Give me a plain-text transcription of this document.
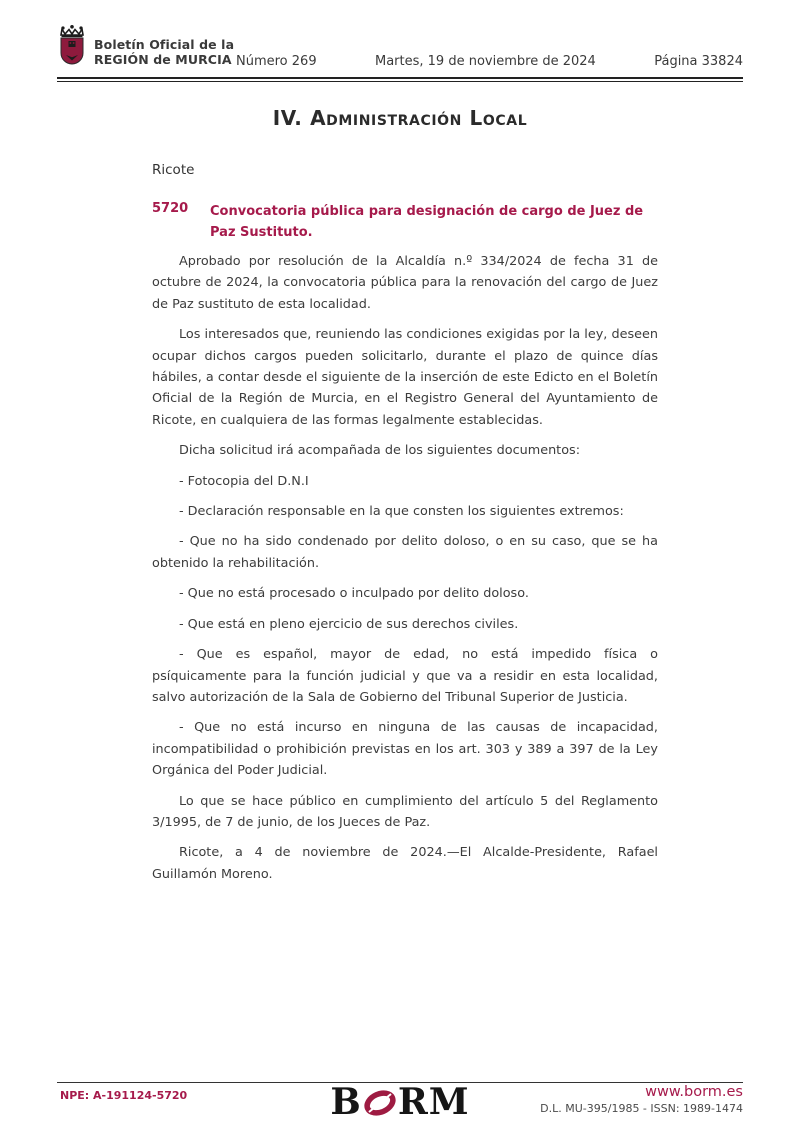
Boletín Oficial de la
REGIÓN de MURCIA Número 269	Martes, 19 de noviembre de 2024	Página 33824
IV. Administración Local
Ricote
5720 Convocatoria pública para designación de cargo de Juez de Paz Sustituto.

Aprobado por resolución de la Alcaldía n.º 334/2024 de fecha 31 de octubre de 2024, la convocatoria pública para la renovación del cargo de Juez de Paz sustituto de esta localidad.

Los interesados que, reuniendo las condiciones exigidas por la ley, deseen ocupar dichos cargos pueden solicitarlo, durante el plazo de quince días hábiles, a contar desde el siguiente de la inserción de este Edicto en el Boletín Oficial de la Región de Murcia, en el Registro General del Ayuntamiento de Ricote, en cualquiera de las formas legalmente establecidas.

Dicha solicitud irá acompañada de los siguientes documentos:

- Fotocopia del D.N.I

- Declaración responsable en la que consten los siguientes extremos:

- Que no ha sido condenado por delito doloso, o en su caso, que se ha obtenido la rehabilitación.

- Que no está procesado o inculpado por delito doloso.

- Que está en pleno ejercicio de sus derechos civiles.

- Que es español, mayor de edad, no está impedido física o psíquicamente para la función judicial y que va a residir en esta localidad, salvo autorización de la Sala de Gobierno del Tribunal Superior de Justicia.

- Que no está incurso en ninguna de las causas de incapacidad, incompatibilidad o prohibición previstas en los art. 303 y 389 a 397 de la Ley Orgánica del Poder Judicial.

Lo que se hace público en cumplimiento del artículo 5 del Reglamento 3/1995, de 7 de junio, de los Jueces de Paz.

Ricote, a 4 de noviembre de 2024.—El Alcalde-Presidente, Rafael Guillamón Moreno.

NPE: A-191124-5720	B RM	www.borm.es
D.L. MU-395/1985 - ISSN: 1989-1474
